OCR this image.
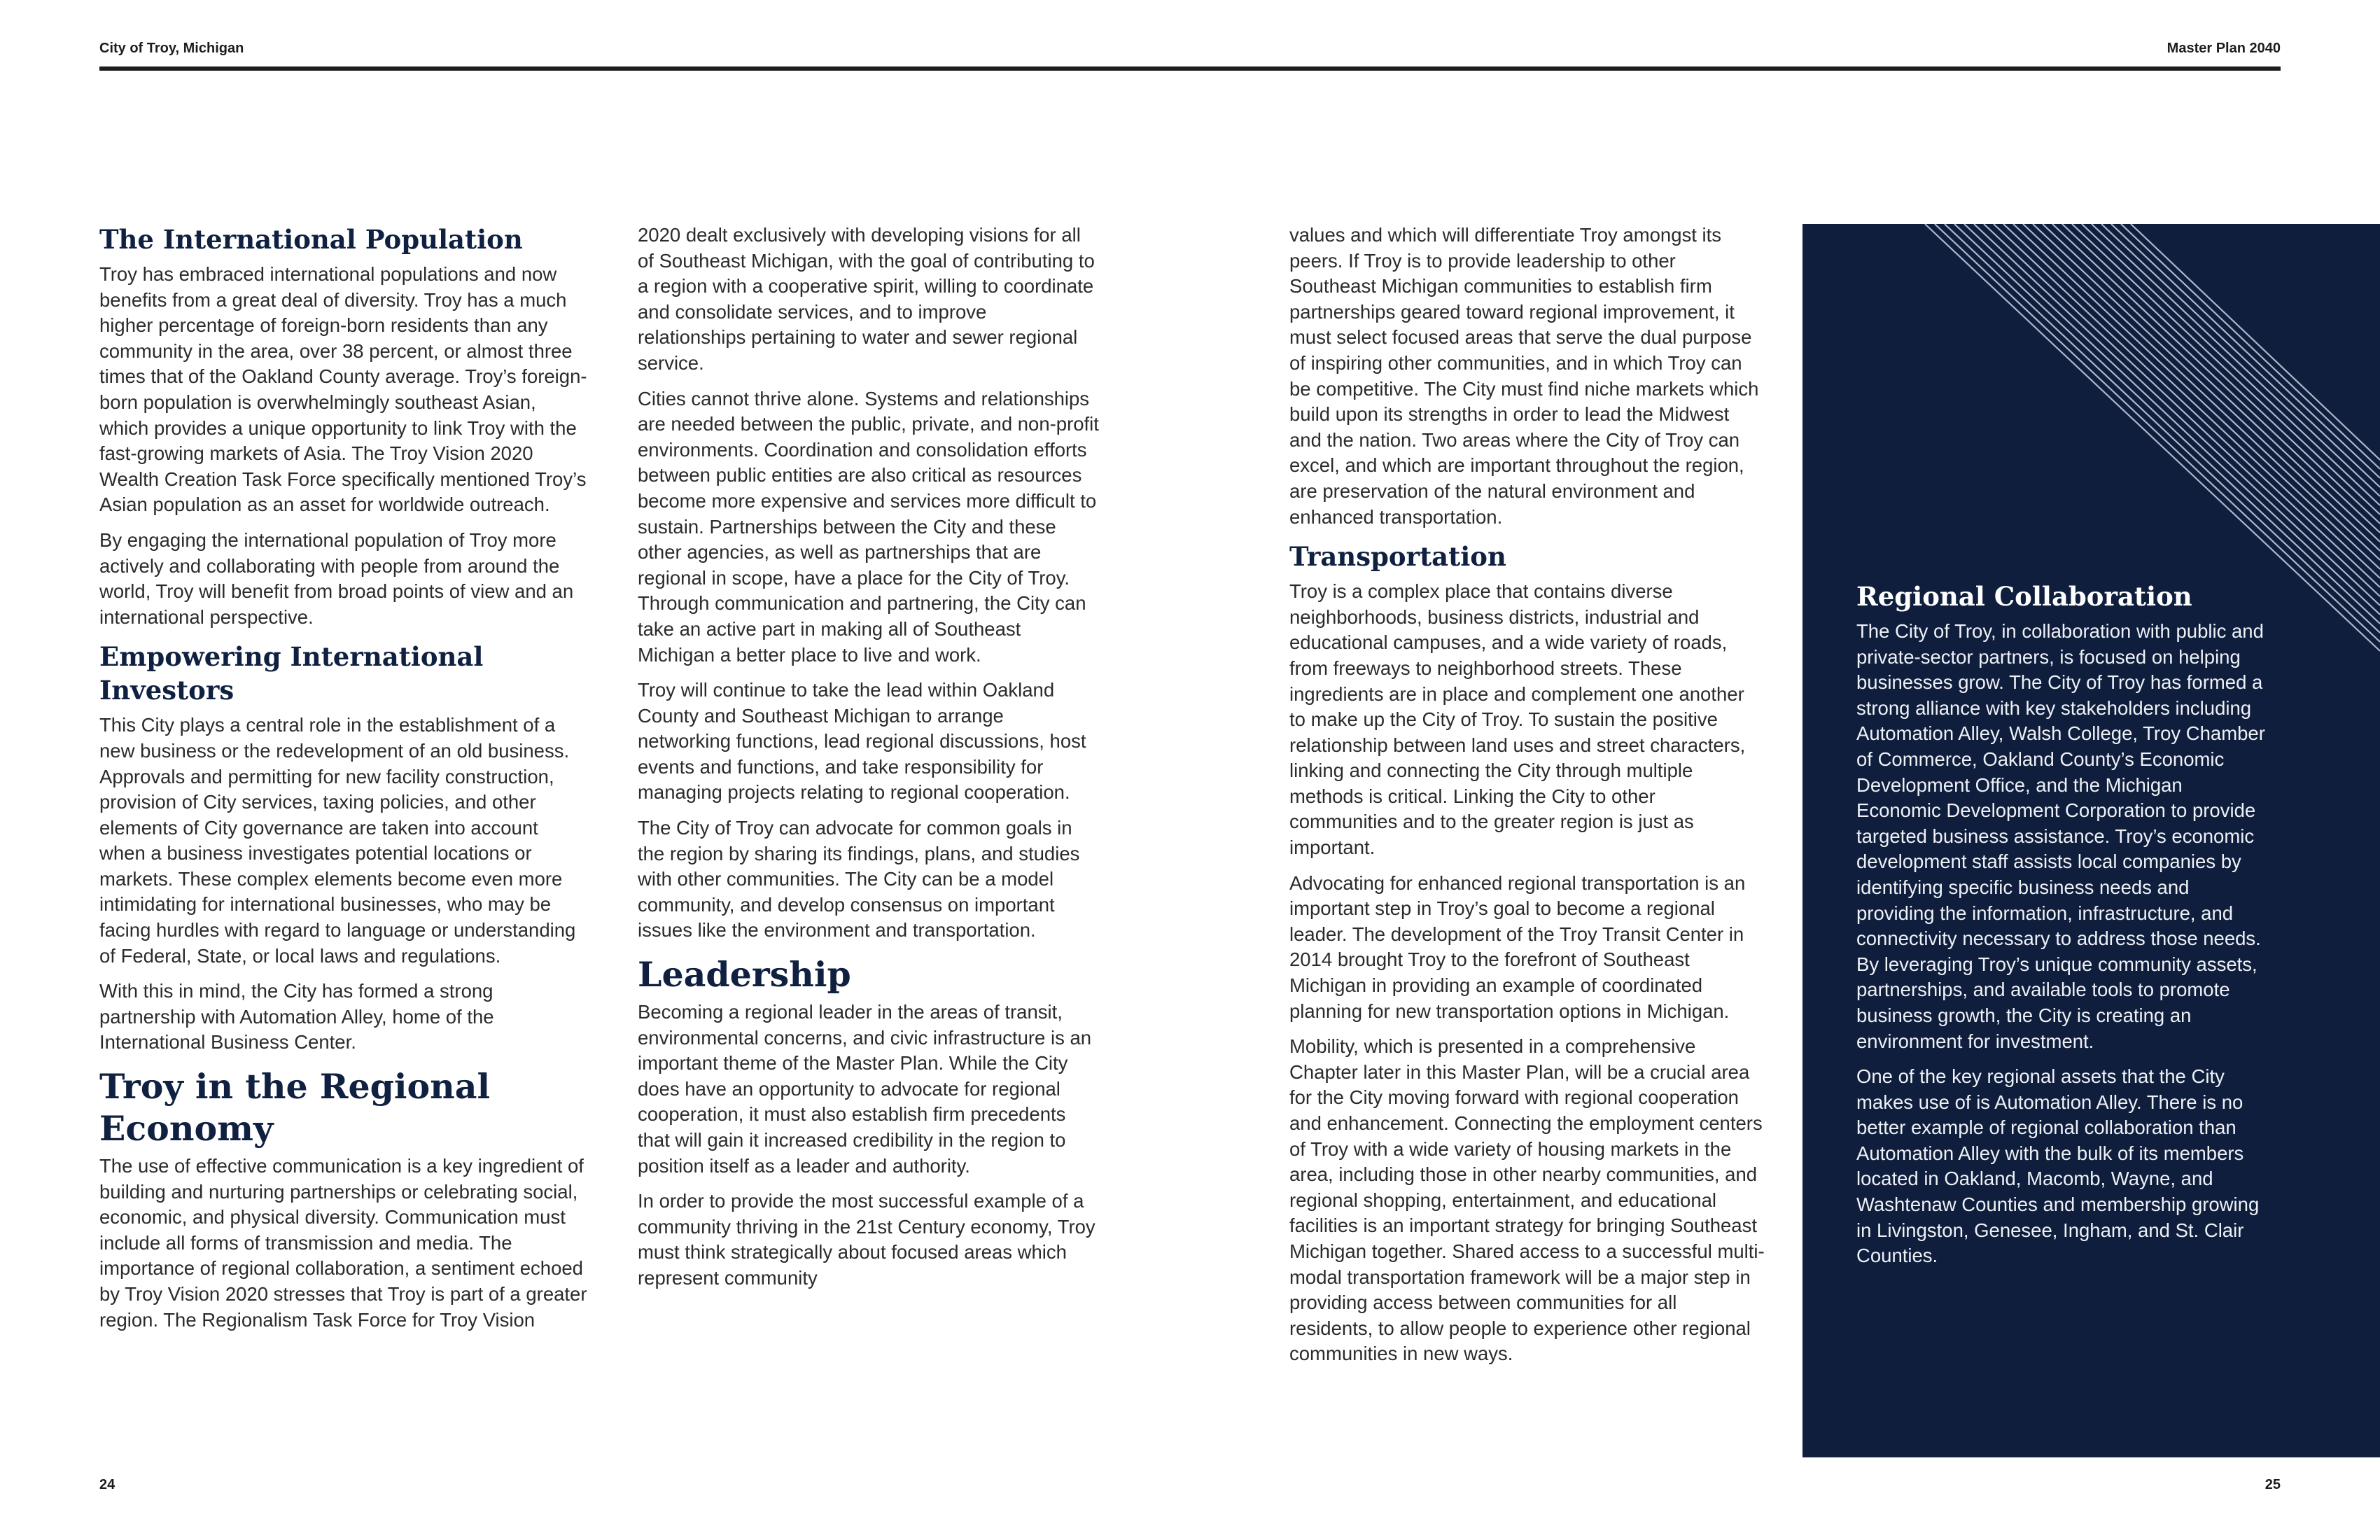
City of Troy, Michigan	Master Plan 2040
The International Population

Troy has embraced international populations and now benefits from a great deal of diversity. Troy has a much higher percentage of foreign-born residents than any community in the area, over 38 percent, or almost three times that of the Oakland County average. Troy’s foreign-born population is overwhelmingly southeast Asian, which provides a unique opportunity to link Troy with the fast-growing markets of Asia. The Troy Vision 2020 Wealth Creation Task Force specifically mentioned Troy’s Asian population as an asset for worldwide outreach.

By engaging the international population of Troy more actively and collaborating with people from around the world, Troy will benefit from broad points of view and an international perspective.

Empowering International Investors

This City plays a central role in the establishment of a new business or the redevelopment of an old business. Approvals and permitting for new facility construction, provision of City services, taxing policies, and other elements of City governance are taken into account when a business investigates potential locations or markets. These complex elements become even more intimidating for international businesses, who may be facing hurdles with regard to language or understanding of Federal, State, or local laws and regulations.

With this in mind, the City has formed a strong partnership with Automation Alley, home of the International Business Center.

Troy in the Regional Economy

The use of effective communication is a key ingredient of building and nurturing partnerships or celebrating social, economic, and physical diversity. Communication must include all forms of transmission and media. The importance of regional collaboration, a sentiment echoed by Troy Vision 2020 stresses that Troy is part of a greater region. The Regionalism Task Force for Troy Vision

2020 dealt exclusively with developing visions for all of Southeast Michigan, with the goal of contributing to a region with a cooperative spirit, willing to coordinate and consolidate services, and to improve relationships pertaining to water and sewer regional service.

Cities cannot thrive alone. Systems and relationships are needed between the public, private, and non-profit environments. Coordination and consolidation efforts between public entities are also critical as resources become more expensive and services more difficult to sustain. Partnerships between the City and these other agencies, as well as partnerships that are regional in scope, have a place for the City of Troy. Through communication and partnering, the City can take an active part in making all of Southeast Michigan a better place to live and work.

Troy will continue to take the lead within Oakland County and Southeast Michigan to arrange networking functions, lead regional discussions, host events and functions, and take responsibility for managing projects relating to regional cooperation.

The City of Troy can advocate for common goals in the region by sharing its findings, plans, and studies with other communities. The City can be a model community, and develop consensus on important issues like the environment and transportation.

Leadership

Becoming a regional leader in the areas of transit, environmental concerns, and civic infrastructure is an important theme of the Master Plan. While the City does have an opportunity to advocate for regional cooperation, it must also establish firm precedents that will gain it increased credibility in the region to position itself as a leader and authority.

In order to provide the most successful example of a community thriving in the 21st Century economy, Troy must think strategically about focused areas which represent community

values and which will differentiate Troy amongst its peers. If Troy is to provide leadership to other Southeast Michigan communities to establish firm partnerships geared toward regional improvement, it must select focused areas that serve the dual purpose of inspiring other communities, and in which Troy can be competitive. The City must find niche markets which build upon its strengths in order to lead the Midwest and the nation. Two areas where the City of Troy can excel, and which are important throughout the region, are preservation of the natural environment and enhanced transportation.

Transportation

Troy is a complex place that contains diverse neighborhoods, business districts, industrial and educational campuses, and a wide variety of roads, from freeways to neighborhood streets. These ingredients are in place and complement one another to make up the City of Troy. To sustain the positive relationship between land uses and street characters, linking and connecting the City through multiple methods is critical. Linking the City to other communities and to the greater region is just as important.

Advocating for enhanced regional transportation is an important step in Troy’s goal to become a regional leader. The development of the Troy Transit Center in 2014 brought Troy to the forefront of Southeast Michigan in providing an example of coordinated planning for new transportation options in Michigan.

Mobility, which is presented in a comprehensive Chapter later in this Master Plan, will be a crucial area for the City moving forward with regional cooperation and enhancement. Connecting the employment centers of Troy with a wide variety of housing markets in the area, including those in other nearby communities, and regional shopping, entertainment, and educational facilities is an important strategy for bringing Southeast Michigan together. Shared access to a successful multi-modal transportation framework will be a major step in providing access between communities for all residents, to allow people to experience other regional communities in new ways.

Regional Collaboration

The City of Troy, in collaboration with public and private-sector partners, is focused on helping businesses grow. The City of Troy has formed a strong alliance with key stakeholders including Automation Alley, Walsh College, Troy Chamber of Commerce, Oakland County’s Economic Development Office, and the Michigan Economic Development Corporation to provide targeted business assistance. Troy’s economic development staff assists local companies by identifying specific business needs and providing the information, infrastructure, and connectivity necessary to address those needs. By leveraging Troy’s unique community assets, partnerships, and available tools to promote business growth, the City is creating an environment for investment.

One of the key regional assets that the City makes use of is Automation Alley. There is no better example of regional collaboration than Automation Alley with the bulk of its members located in Oakland, Macomb, Wayne, and Washtenaw Counties and membership growing in Livingston, Genesee, Ingham, and St. Clair Counties.

24	25
